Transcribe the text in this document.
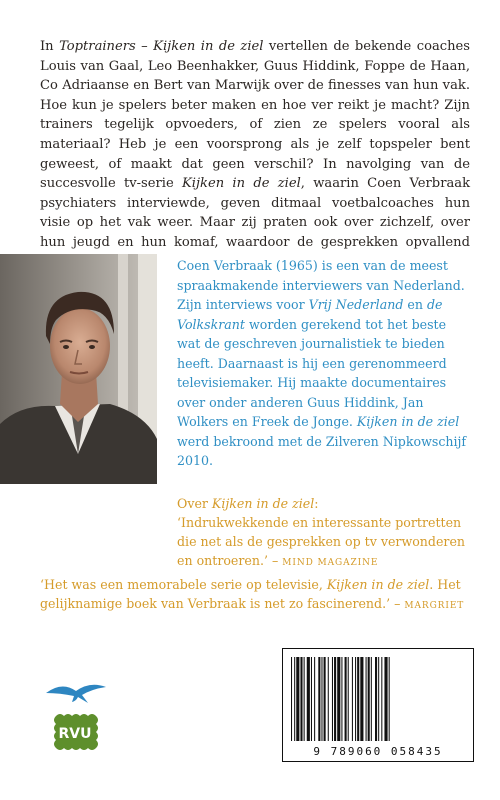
In Toptrainers – Kijken in de ziel vertellen de bekende coaches Louis van Gaal, Leo Beenhakker, Guus Hiddink, Foppe de Haan, Co Adriaanse en Bert van Marwijk over de finesses van hun vak. Hoe kun je spelers beter maken en hoe ver reikt je macht? Zijn trainers tegelijk opvoeders, of zien ze spelers vooral als materiaal? Heb je een voorsprong als je zelf topspeler bent geweest, of maakt dat geen verschil? In navolging van de succesvolle tv-serie Kijken in de ziel, waarin Coen Verbraak psychiaters interviewde, geven ditmaal voetbalcoaches hun visie op het vak weer. Maar zij praten ook over zichzelf, over hun jeugd en hun komaf, waardoor de gesprekken opvallend

Coen Verbraak (1965) is een van de meest spraakmakende interviewers van Nederland. Zijn interviews voor Vrij Nederland en de Volkskrant worden gerekend tot het beste wat de geschreven journalistiek te bieden heeft. Daarnaast is hij een gerenommeerd televisiemaker. Hij maakte documentaires over onder anderen Guus Hiddink, Jan Wolkers en Freek de Jonge. Kijken in de ziel werd bekroond met de Zilveren Nipkowschijf 2010.

Over Kijken in de ziel:
‘Indrukwekkende en interessante portretten die net als de gesprekken op tv verwonderen en ontroeren.’ – MIND MAGAZINE

‘Het was een memorabele serie op televisie, Kijken in de ziel. Het gelijknamige boek van Verbraak is net zo fascinerend.’ – MARGRIET

RVU
9 789060 058435
